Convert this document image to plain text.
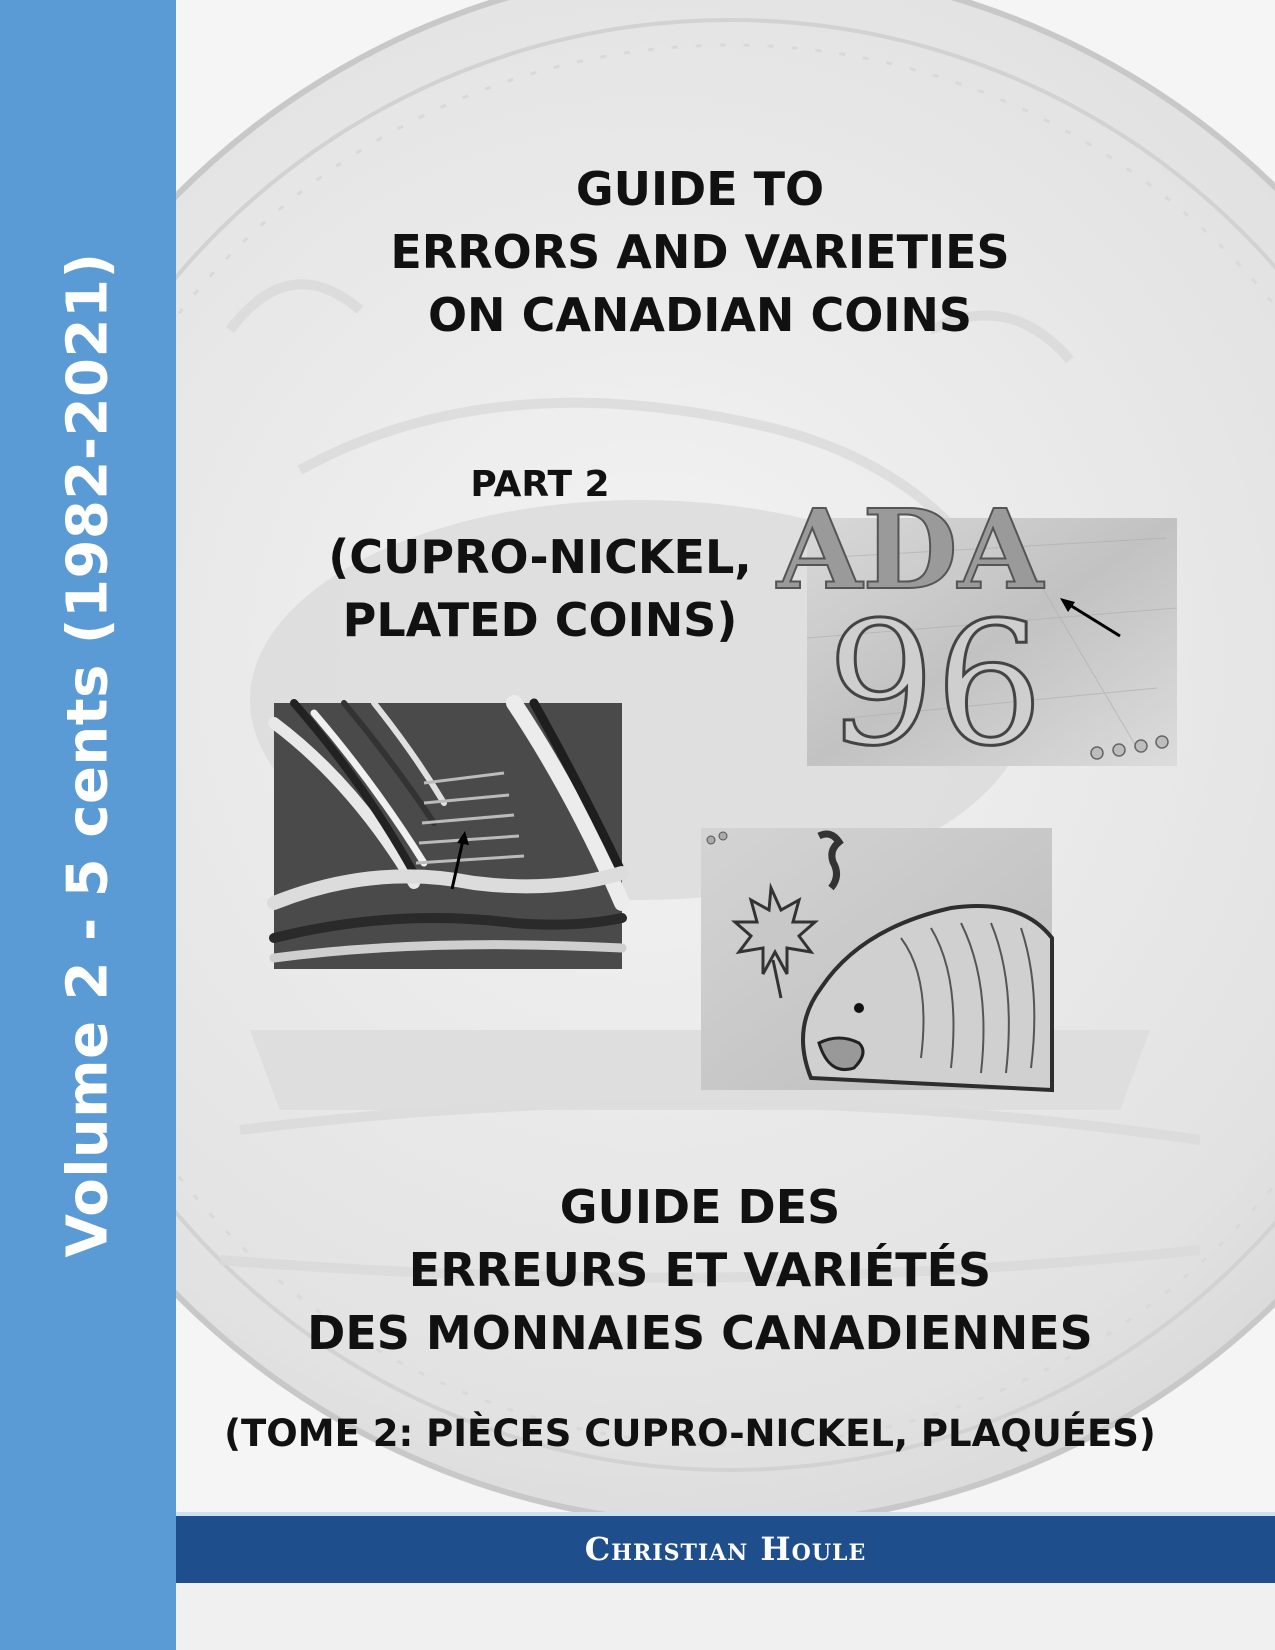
Volume 2 - 5 cents (1982-2021)
GUIDE TO
ERRORS AND VARIETIES
ON CANADIAN COINS
PART 2
(CUPRO-NICKEL,
PLATED COINS)
ADA
96
GUIDE DES
ERREURS ET VARIÉTÉS
DES MONNAIES CANADIENNES
(TOME 2: PIÈCES CUPRO-NICKEL, PLAQUÉES)
Christian Houle
